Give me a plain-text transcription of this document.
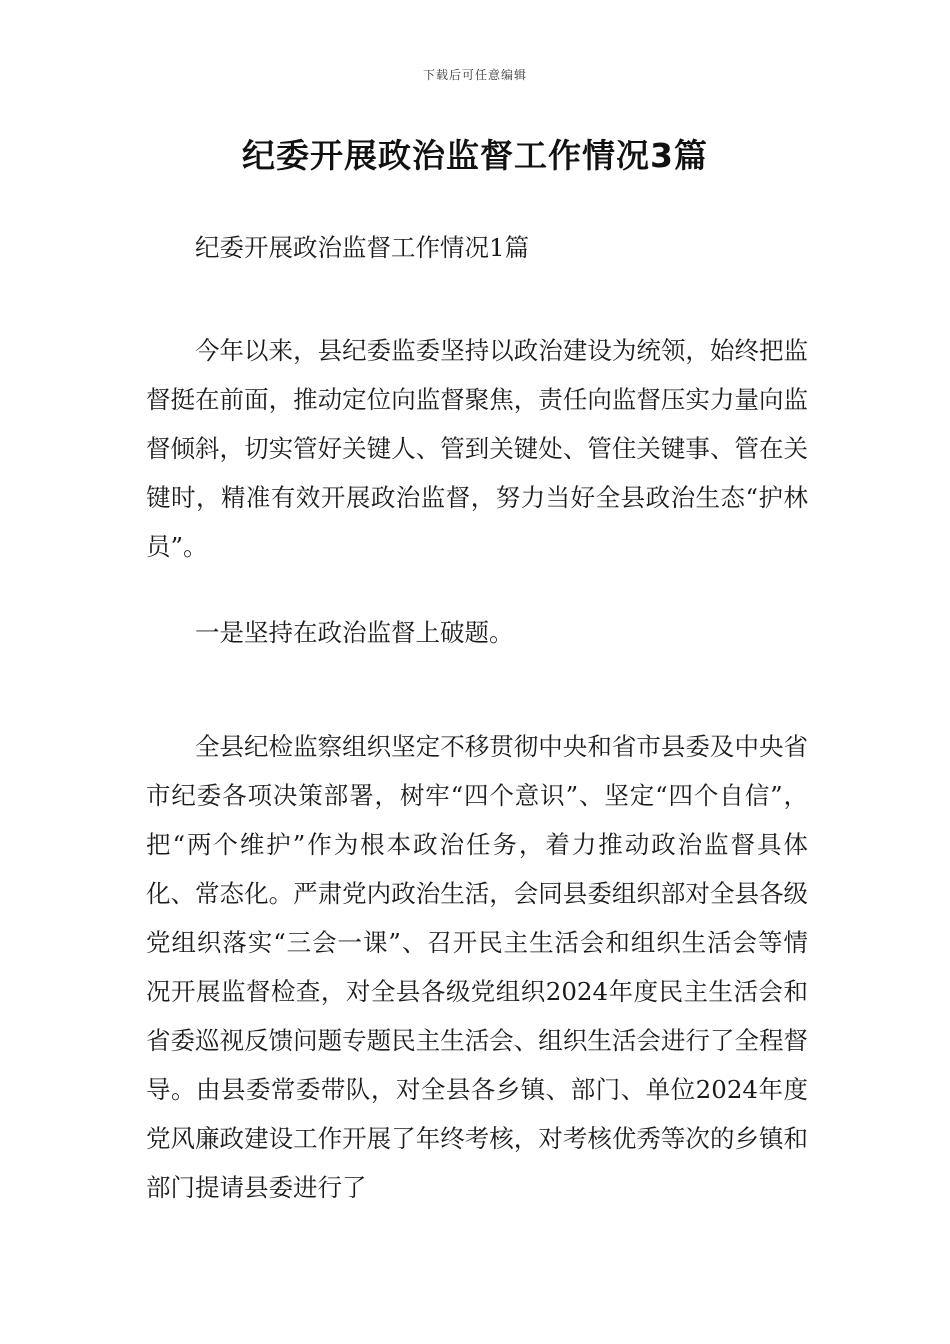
下载后可任意编辑
纪委开展政治监督工作情况3篇

纪委开展政治监督工作情况1篇

今年以来，县纪委监委坚持以政治建设为统领，始终把监督挺在前面，推动定位向监督聚焦，责任向监督压实力量向监督倾斜，切实管好关键人、管到关键处、管住关键事、管在关键时，精准有效开展政治监督，努力当好全县政治生态“护林员”。

一是坚持在政治监督上破题。

全县纪检监察组织坚定不移贯彻中央和省市县委及中央省市纪委各项决策部署，树牢“四个意识”、坚定“四个自信”，把“两个维护”作为根本政治任务，着力推动政治监督具体化、常态化。严肃党内政治生活，会同县委组织部对全县各级党组织落实“三会一课”、召开民主生活会和组织生活会等情况开展监督检查，对全县各级党组织2024年度民主生活会和省委巡视反馈问题专题民主生活会、组织生活会进行了全程督导。由县委常委带队，对全县各乡镇、部门、单位2024年度党风廉政建设工作开展了年终考核，对考核优秀等次的乡镇和部门提请县委进行了
